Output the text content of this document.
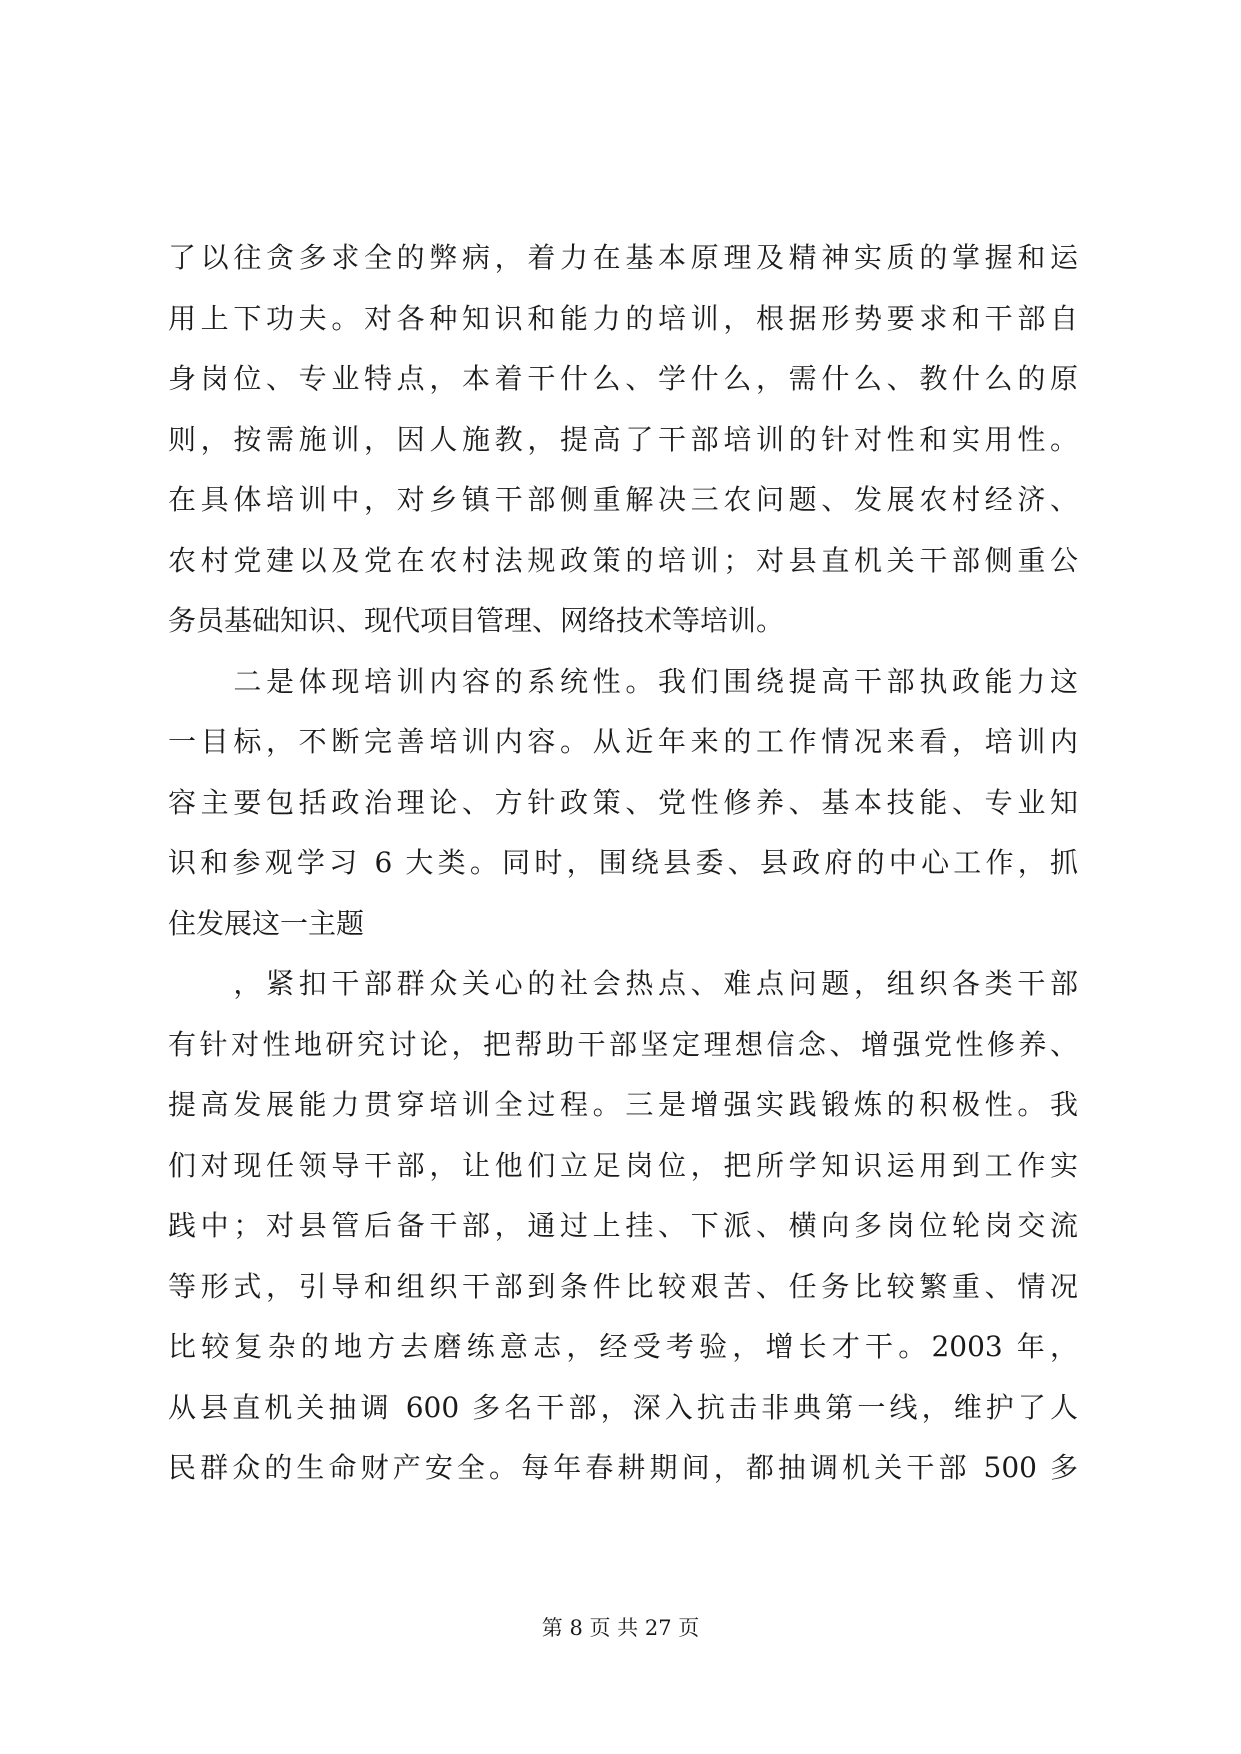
了以往贪多求全的弊病，着力在基本原理及精神实质的掌握和运
用上下功夫。对各种知识和能力的培训，根据形势要求和干部自
身岗位、专业特点，本着干什么、学什么，需什么、教什么的原
则，按需施训，因人施教，提高了干部培训的针对性和实用性。
在具体培训中，对乡镇干部侧重解决三农问题、发展农村经济、
农村党建以及党在农村法规政策的培训；对县直机关干部侧重公
务员基础知识、现代项目管理、网络技术等培训。
　　二是体现培训内容的系统性。我们围绕提高干部执政能力这
一目标，不断完善培训内容。从近年来的工作情况来看，培训内
容主要包括政治理论、方针政策、党性修养、基本技能、专业知
识和参观学习 6 大类。同时，围绕县委、县政府的中心工作，抓
住发展这一主题
　　，紧扣干部群众关心的社会热点、难点问题，组织各类干部
有针对性地研究讨论，把帮助干部坚定理想信念、增强党性修养、
提高发展能力贯穿培训全过程。三是增强实践锻炼的积极性。我
们对现任领导干部，让他们立足岗位，把所学知识运用到工作实
践中；对县管后备干部，通过上挂、下派、横向多岗位轮岗交流
等形式，引导和组织干部到条件比较艰苦、任务比较繁重、情况
比较复杂的地方去磨练意志，经受考验，增长才干。2003 年，
从县直机关抽调 600 多名干部，深入抗击非典第一线，维护了人
民群众的生命财产安全。每年春耕期间，都抽调机关干部 500 多
第 8 页 共 27 页
